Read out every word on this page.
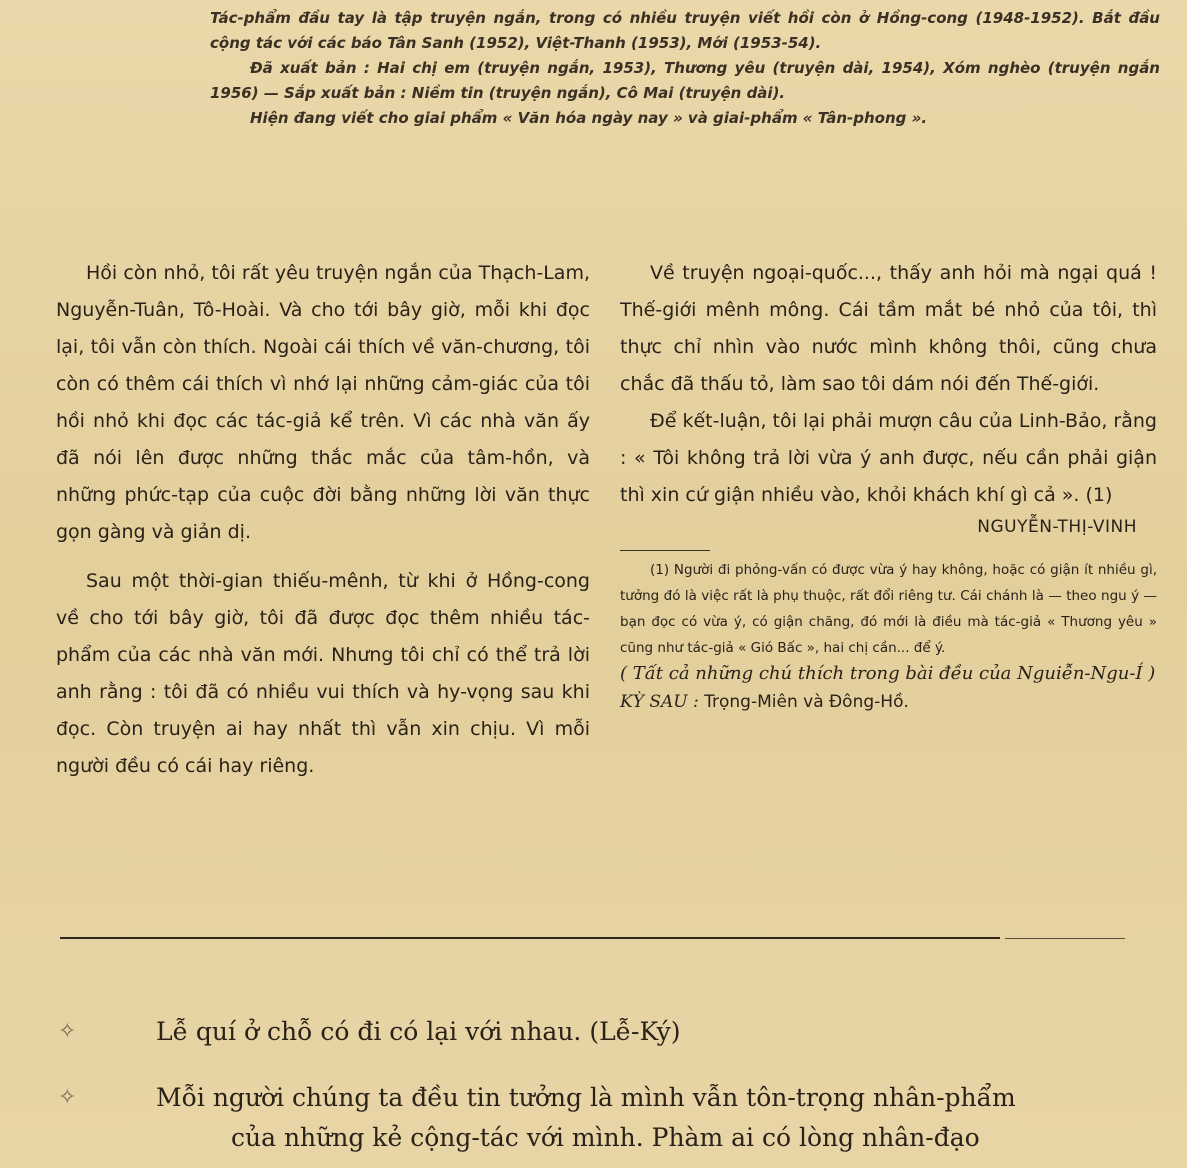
Tác-phẩm đầu tay là tập truyện ngắn, trong có nhiều truyện viết hồi còn ở Hồng-cong (1948-1952). Bắt đầu cộng tác với các báo Tân Sanh (1952), Việt-Thanh (1953), Mới (1953-54).

Đã xuất bản : Hai chị em (truyện ngắn, 1953), Thương yêu (truyện dài, 1954), Xóm nghèo (truyện ngắn 1956) — Sắp xuất bản : Niềm tin (truyện ngắn), Cô Mai (truyện dài).

Hiện đang viết cho giai phẩm « Văn hóa ngày nay » và giai-phẩm « Tân-phong ».

Hồi còn nhỏ, tôi rất yêu truyện ngắn của Thạch-Lam, Nguyễn-Tuân, Tô-Hoài. Và cho tới bây giờ, mỗi khi đọc lại, tôi vẫn còn thích. Ngoài cái thích về văn-chương, tôi còn có thêm cái thích vì nhớ lại những cảm-giác của tôi hồi nhỏ khi đọc các tác-giả kể trên. Vì các nhà văn ấy đã nói lên được những thắc mắc của tâm-hồn, và những phức-tạp của cuộc đời bằng những lời văn thực gọn gàng và giản dị.

Sau một thời-gian thiếu-mênh, từ khi ở Hồng-cong về cho tới bây giờ, tôi đã được đọc thêm nhiều tác-phẩm của các nhà văn mới. Nhưng tôi chỉ có thể trả lời anh rằng : tôi đã có nhiều vui thích và hy-vọng sau khi đọc. Còn truyện ai hay nhất thì vẫn xin chịu. Vì mỗi người đều có cái hay riêng.

Về truyện ngoại-quốc..., thấy anh hỏi mà ngại quá ! Thế-giới mênh mông. Cái tầm mắt bé nhỏ của tôi, thì thực chỉ nhìn vào nước mình không thôi, cũng chưa chắc đã thấu tỏ, làm sao tôi dám nói đến Thế-giới.

Để kết-luận, tôi lại phải mượn câu của Linh-Bảo, rằng : « Tôi không trả lời vừa ý anh được, nếu cần phải giận thì xin cứ giận nhiều vào, khỏi khách khí gì cả ». (1)

NGUYỄN-THỊ-VINH

(1) Người đi phỏng-vấn có được vừa ý hay không, hoặc có giận ít nhiều gì, tưởng đó là việc rất là phụ thuộc, rất đổi riêng tư. Cái chánh là — theo ngu ý — bạn đọc có vừa ý, có giận chăng, đó mới là điều mà tác-giả « Thương yêu » cũng như tác-giả « Gió Bấc », hai chị cần... để ý.

( Tất cả những chú thích trong bài đều của Nguiễn-Ngu-Í )

KỲ SAU : Trọng-Miên và Đông-Hồ.

✧	Lễ quí ở chỗ có đi có lại với nhau. (Lễ-Ký)
✧	Mỗi người chúng ta đều tin tưởng là mình vẫn tôn-trọng nhân-phẩm
của những kẻ cộng-tác với mình. Phàm ai có lòng nhân-đạo
